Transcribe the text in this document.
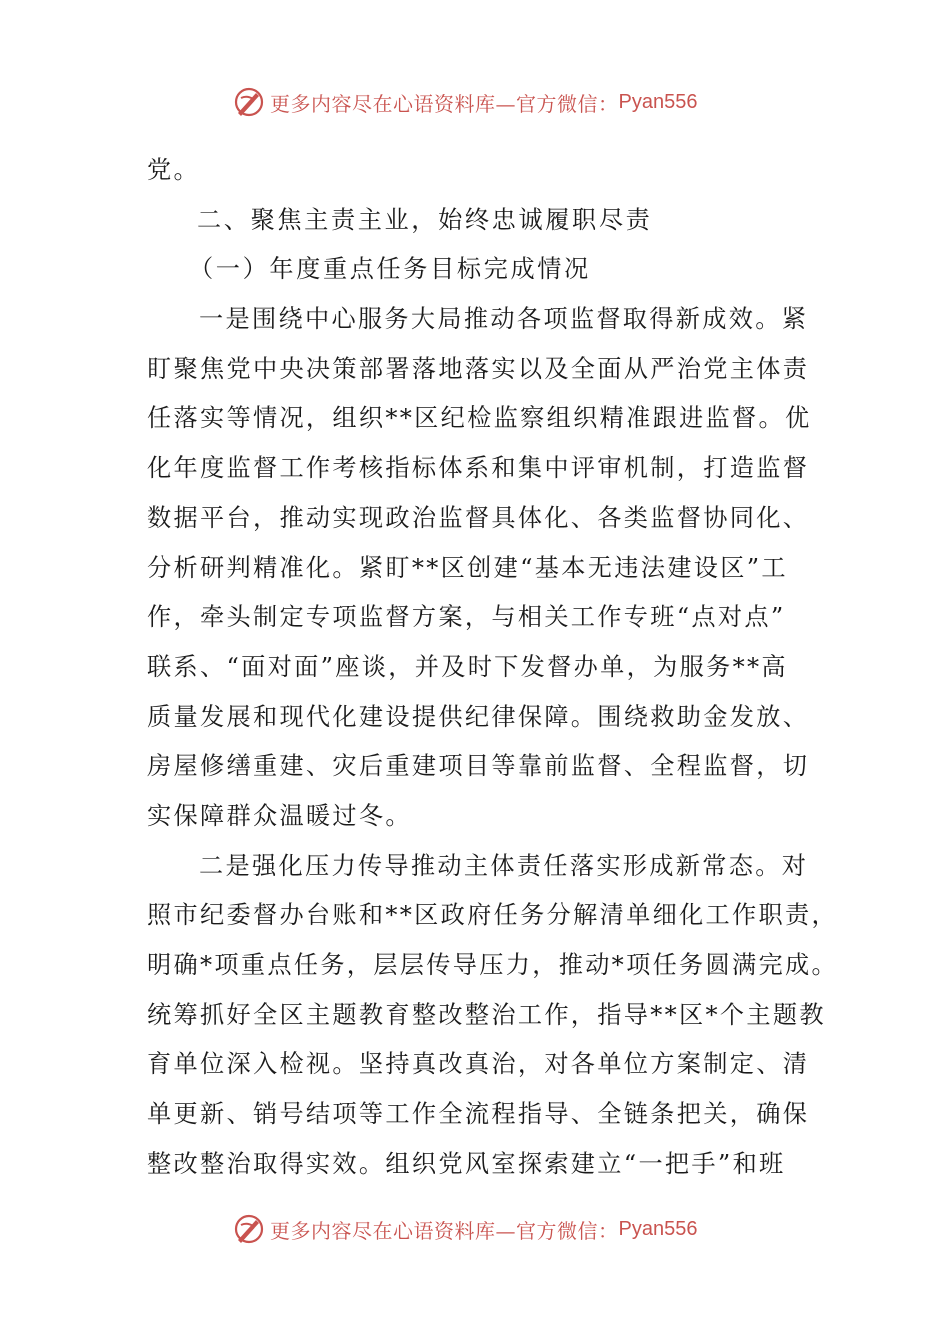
更多内容尽在心语资料库—官方微信： Pyan556
党。
二、聚焦主责主业，始终忠诚履职尽责
（一）年度重点任务目标完成情况
一是围绕中心服务大局推动各项监督取得新成效。紧
盯聚焦党中央决策部署落地落实以及全面从严治党主体责
任落实等情况，组织**区纪检监察组织精准跟进监督。优
化年度监督工作考核指标体系和集中评审机制，打造监督
数据平台，推动实现政治监督具体化、各类监督协同化、
分析研判精准化。紧盯**区创建“基本无违法建设区”工
作，牵头制定专项监督方案，与相关工作专班“点对点”
联系、“面对面”座谈，并及时下发督办单，为服务**高
质量发展和现代化建设提供纪律保障。围绕救助金发放、
房屋修缮重建、灾后重建项目等靠前监督、全程监督，切
实保障群众温暖过冬。
二是强化压力传导推动主体责任落实形成新常态。对
照市纪委督办台账和**区政府任务分解清单细化工作职责，
明确*项重点任务，层层传导压力，推动*项任务圆满完成。
统筹抓好全区主题教育整改整治工作，指导**区*个主题教
育单位深入检视。坚持真改真治，对各单位方案制定、清
单更新、销号结项等工作全流程指导、全链条把关，确保
整改整治取得实效。组织党风室探索建立“一把手”和班
更多内容尽在心语资料库—官方微信： Pyan556
